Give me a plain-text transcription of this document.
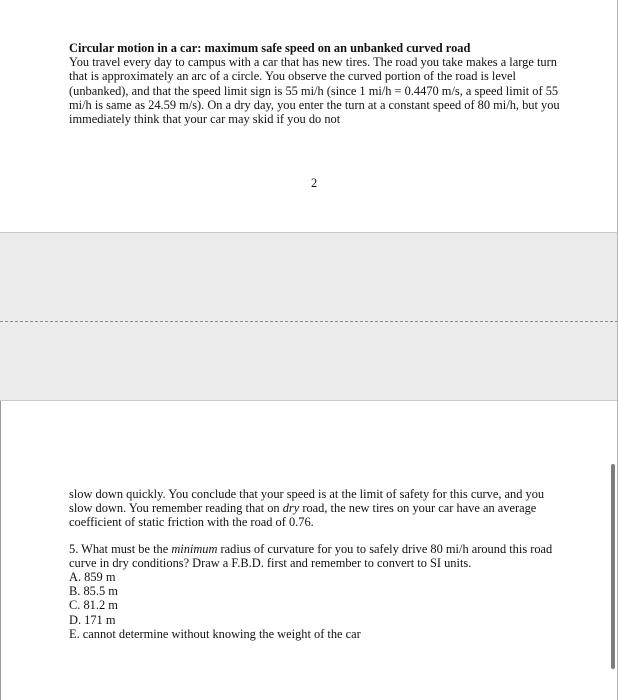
Circular motion in a car: maximum safe speed on an unbanked curved road
You travel every day to campus with a car that has new tires. The road you take makes a large turn that is approximately an arc of a circle. You observe the curved portion of the road is level (unbanked), and that the speed limit sign is 55 mi/h (since 1 mi/h = 0.4470 m/s, a speed limit of 55 mi/h is same as 24.59 m/s). On a dry day, you enter the turn at a constant speed of 80 mi/h, but you immediately think that your car may skid if you do not
2
slow down quickly. You conclude that your speed is at the limit of safety for this curve, and you slow down. You remember reading that on dry road, the new tires on your car have an average coefficient of static friction with the road of 0.76.
5. What must be the minimum radius of curvature for you to safely drive 80 mi/h around this road curve in dry conditions? Draw a F.B.D. first and remember to convert to SI units.
A. 859 m
B. 85.5 m
C. 81.2 m
D. 171 m
E. cannot determine without knowing the weight of the car
